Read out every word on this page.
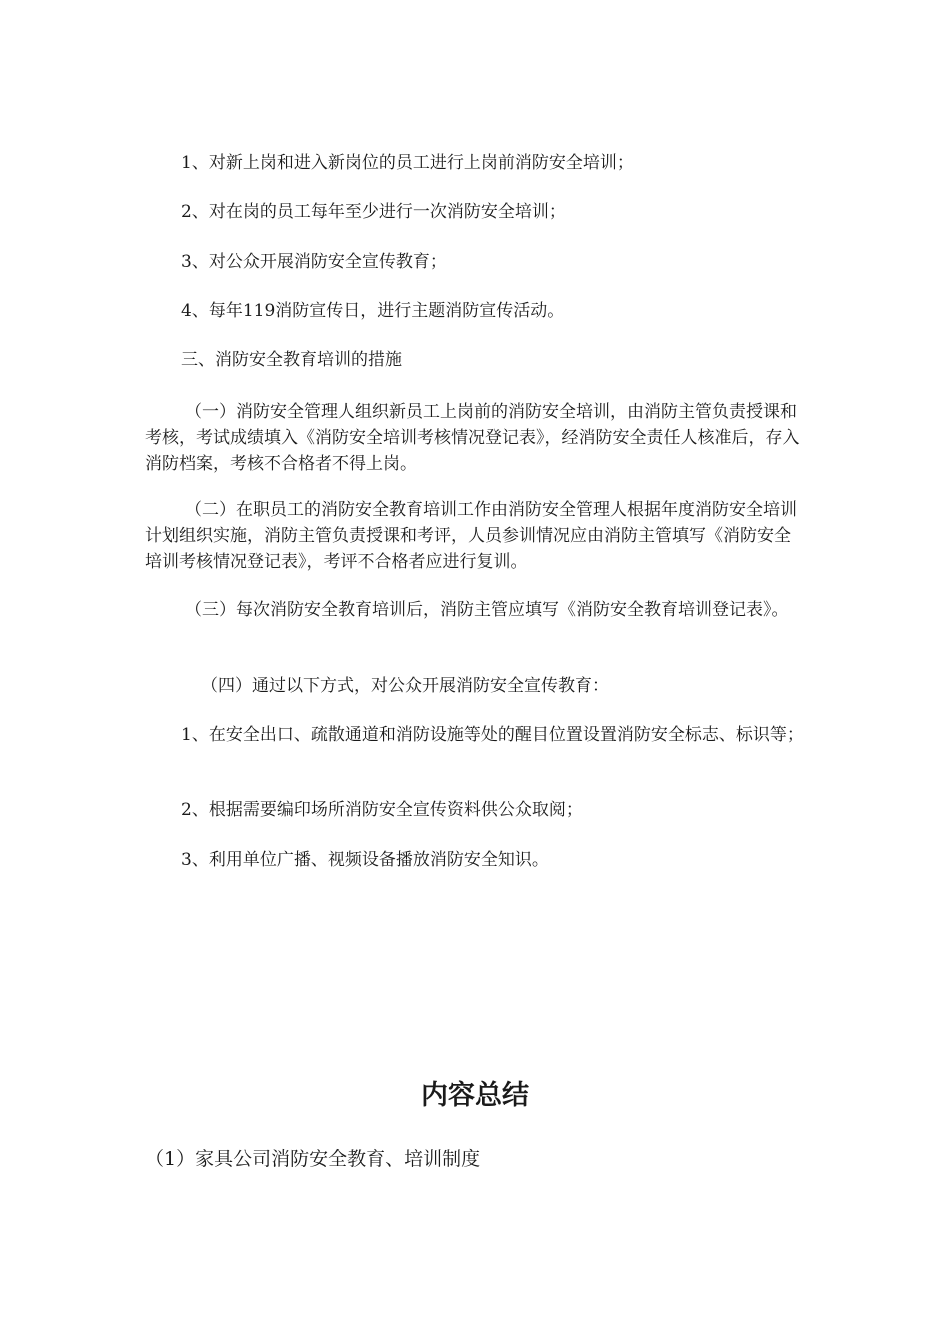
1、对新上岗和进入新岗位的员工进行上岗前消防安全培训；

2、对在岗的员工每年至少进行一次消防安全培训；

3、对公众开展消防安全宣传教育；

4、每年119消防宣传日，进行主题消防宣传活动。

三、消防安全教育培训的措施

（一）消防安全管理人组织新员工上岗前的消防安全培训，由消防主管负责授课和考核，考试成绩填入《消防安全培训考核情况登记表》，经消防安全责任人核准后，存入消防档案，考核不合格者不得上岗。

（二）在职员工的消防安全教育培训工作由消防安全管理人根据年度消防安全培训计划组织实施，消防主管负责授课和考评，人员参训情况应由消防主管填写《消防安全培训考核情况登记表》，考评不合格者应进行复训。

（三）每次消防安全教育培训后，消防主管应填写《消防安全教育培训登记表》。

（四）通过以下方式，对公众开展消防安全宣传教育：

1、在安全出口、疏散通道和消防设施等处的醒目位置设置消防安全标志、标识等；

2、根据需要编印场所消防安全宣传资料供公众取阅；

3、利用单位广播、视频设备播放消防安全知识。

内容总结

（1）家具公司消防安全教育、培训制度
